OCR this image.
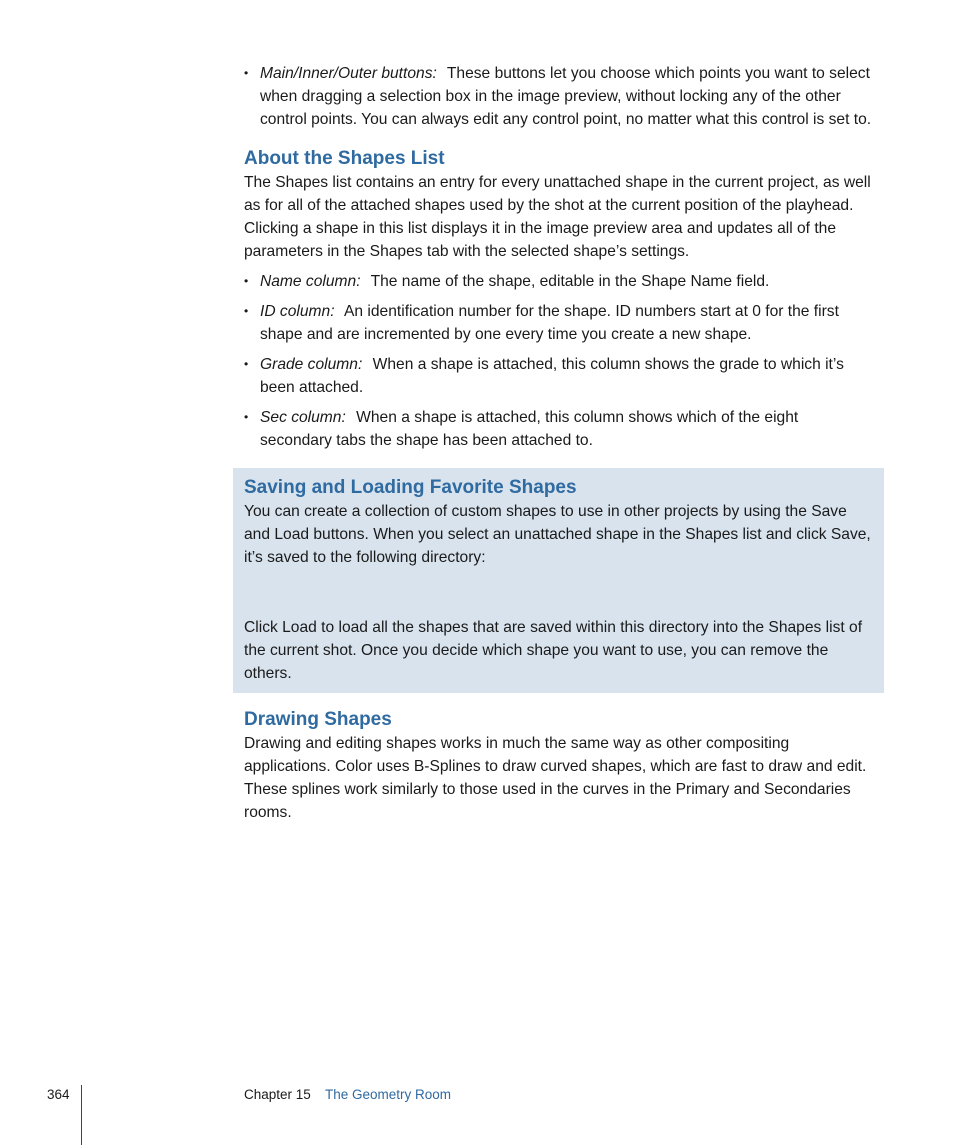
• Main/Inner/Outer buttons: These buttons let you choose which points you want to select when dragging a selection box in the image preview, without locking any of the other control points. You can always edit any control point, no matter what this control is set to.
About the Shapes List

The Shapes list contains an entry for every unattached shape in the current project, as well as for all of the attached shapes used by the shot at the current position of the playhead. Clicking a shape in this list displays it in the image preview area and updates all of the parameters in the Shapes tab with the selected shape’s settings.

• Name column: The name of the shape, editable in the Shape Name field.
• ID column: An identification number for the shape. ID numbers start at 0 for the first shape and are incremented by one every time you create a new shape.
• Grade column: When a shape is attached, this column shows the grade to which it’s been attached.
• Sec column: When a shape is attached, this column shows which of the eight secondary tabs the shape has been attached to.
Saving and Loading Favorite Shapes

You can create a collection of custom shapes to use in other projects by using the Save and Load buttons. When you select an unattached shape in the Shapes list and click Save, it’s saved to the following directory:

Click Load to load all the shapes that are saved within this directory into the Shapes list of the current shot. Once you decide which shape you want to use, you can remove the others.

Drawing Shapes

Drawing and editing shapes works in much the same way as other compositing applications. Color uses B-Splines to draw curved shapes, which are fast to draw and edit. These splines work similarly to those used in the curves in the Primary and Secondaries rooms.

364	Chapter 15 The Geometry Room
